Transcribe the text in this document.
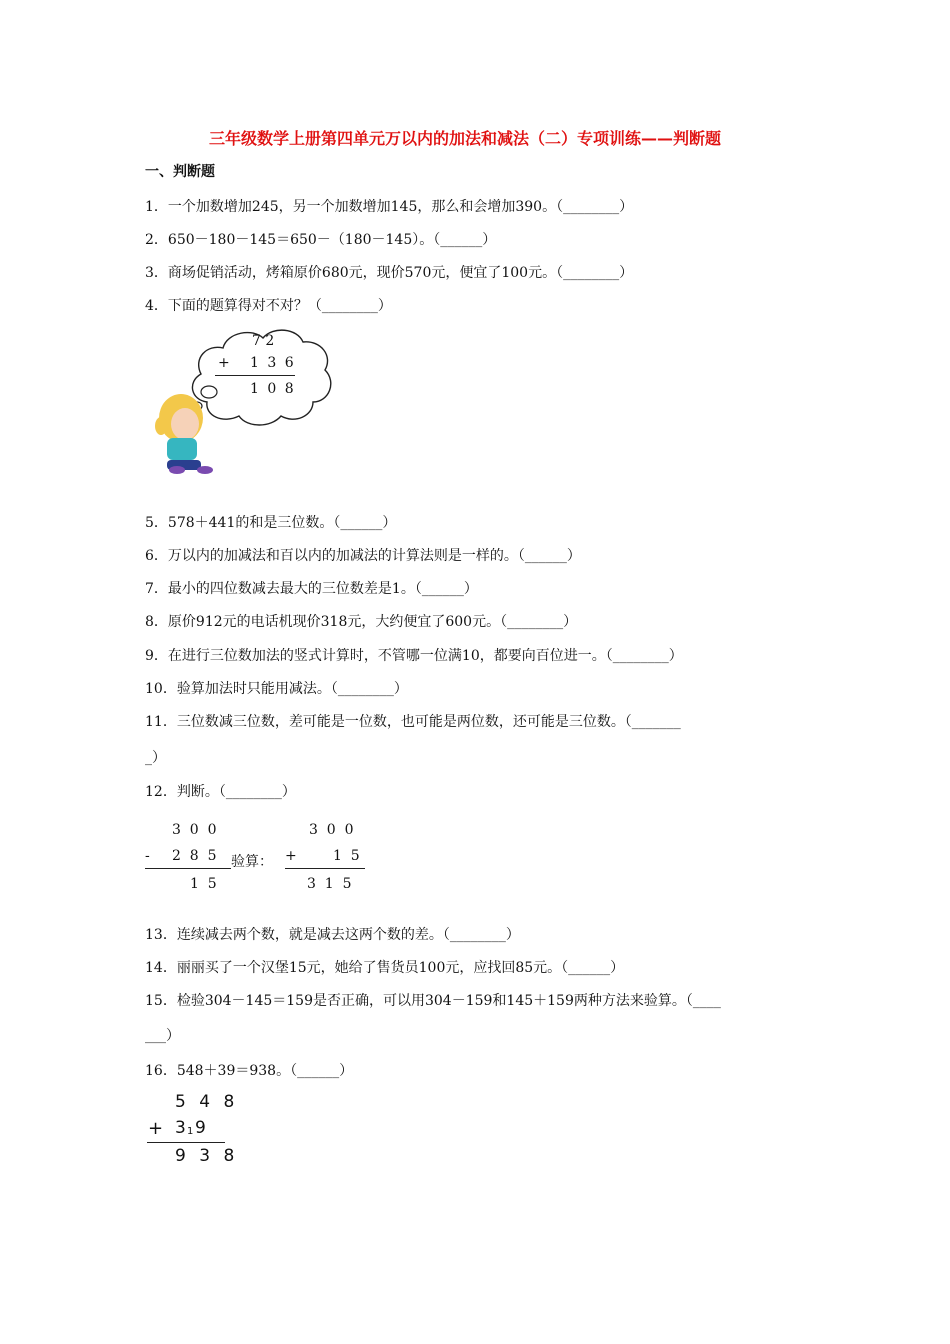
三年级数学上册第四单元万以内的加法和减法（二）专项训练——判断题
一、判断题
1．一个加数增加245，另一个加数增加145，那么和会增加390。（________）
2．650－180－145＝650－（180－145）。（______）
3．商场促销活动，烤箱原价680元，现价570元，便宜了100元。（________）
4．下面的题算得对不对？（________）
7 2
+ 1 3 6
1 0 8
5．578＋441的和是三位数。（______）
6．万以内的加减法和百以内的加减法的计算法则是一样的。（______）
7．最小的四位数减去最大的三位数差是1。（______）
8．原价912元的电话机现价318元，大约便宜了600元。（________）
9．在进行三位数加法的竖式计算时，不管哪一位满10，都要向百位进一。（________）
10．验算加法时只能用减法。（________）
11．三位数减三位数，差可能是一位数，也可能是两位数，还可能是三位数。（_______
_）
12．判断。（________）
3  0  0
- 2  8  5 验算：
1  5
3  0  0
+	1  5
3  1  5
13．连续减去两个数，就是减去这两个数的差。（________）
14．丽丽买了一个汉堡15元，她给了售货员100元，应找回85元。（______）
15．检验304－145＝159是否正确，可以用304－159和145＋159两种方法来验算。（____
___）
16．548＋39＝938。（______）
5 4 8
+ 3 1 9
9 3 8
